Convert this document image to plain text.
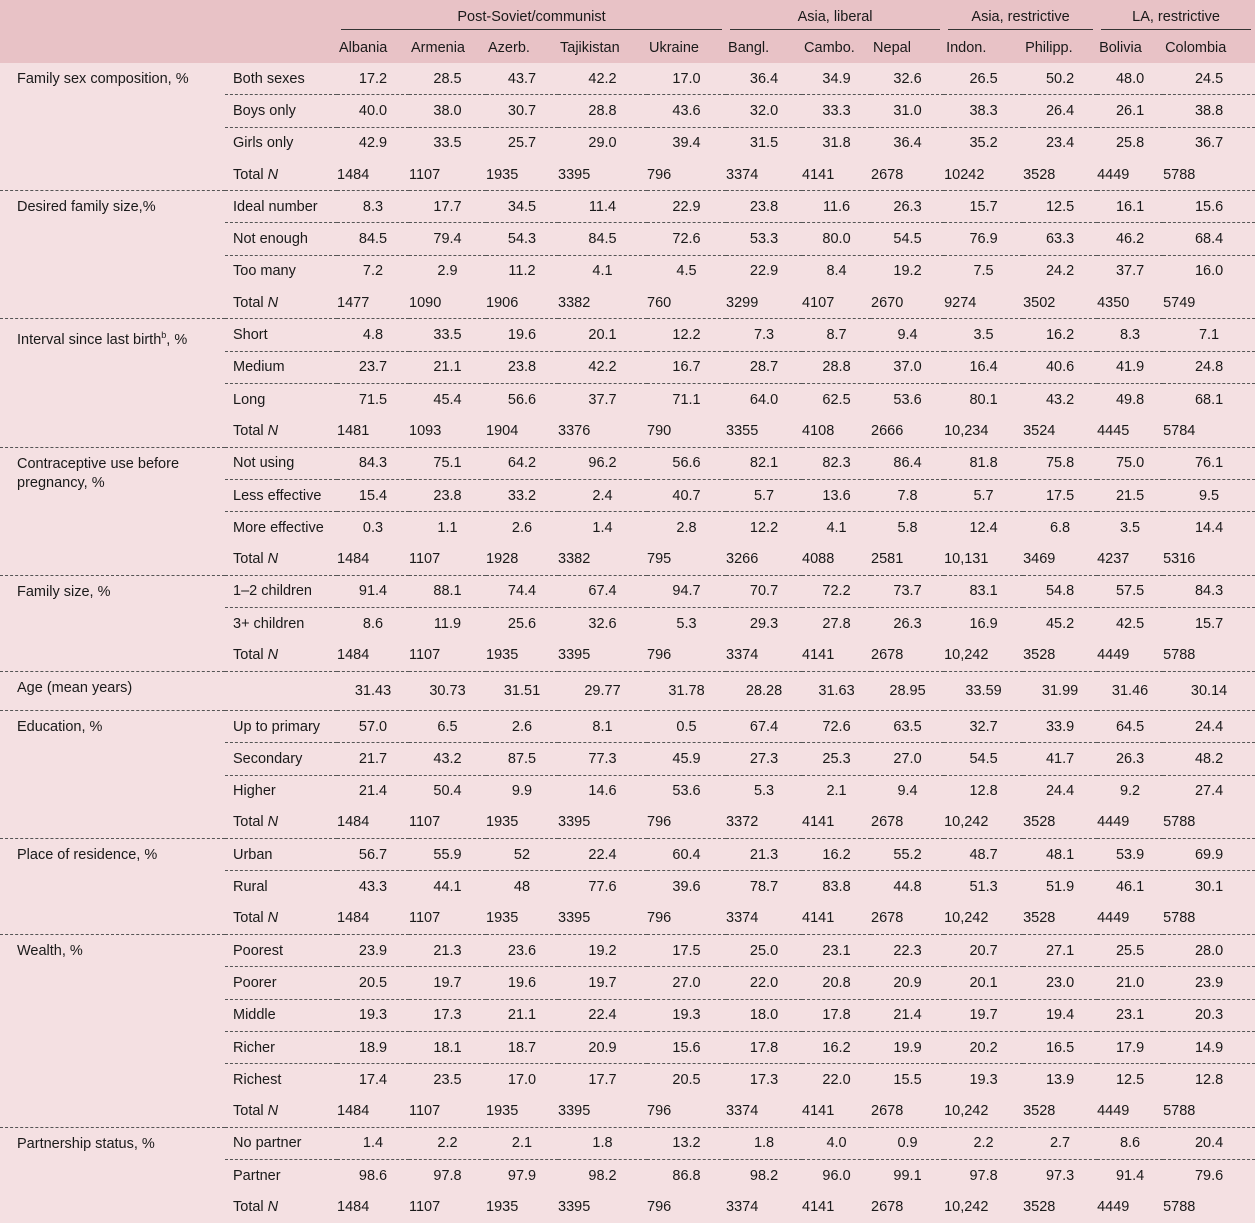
		Post-Soviet/communist					Asia, liberal			Asia, restrictive		LA, restrictive	

		Albania	Armenia	Azerb.	Tajikistan	Ukraine	Bangl.	Cambo.	Nepal	Indon.	Philipp.	Bolivia	Colombia
Family sex composition, %	Both sexes	17.2	28.5	43.7	42.2	17.0	36.4	34.9	32.6	26.5	50.2	48.0	24.5
	Boys only	40.0	38.0	30.7	28.8	43.6	32.0	33.3	31.0	38.3	26.4	26.1	38.8
	Girls only	42.9	33.5	25.7	29.0	39.4	31.5	31.8	36.4	35.2	23.4	25.8	36.7
	Total N	1484	1107	1935	3395	796	3374	4141	2678	10242	3528	4449	5788
Desired family size,%	Ideal number	8.3	17.7	34.5	11.4	22.9	23.8	11.6	26.3	15.7	12.5	16.1	15.6
	Not enough	84.5	79.4	54.3	84.5	72.6	53.3	80.0	54.5	76.9	63.3	46.2	68.4
	Too many	7.2	2.9	11.2	4.1	4.5	22.9	8.4	19.2	7.5	24.2	37.7	16.0
	Total N	1477	1090	1906	3382	760	3299	4107	2670	9274	3502	4350	5749
Interval since last birth$^b$, %	Short	4.8	33.5	19.6	20.1	12.2	7.3	8.7	9.4	3.5	16.2	8.3	7.1
	Medium	23.7	21.1	23.8	42.2	16.7	28.7	28.8	37.0	16.4	40.6	41.9	24.8
	Long	71.5	45.4	56.6	37.7	71.1	64.0	62.5	53.6	80.1	43.2	49.8	68.1
	Total N	1481	1093	1904	3376	790	3355	4108	2666	10,234	3524	4445	5784
Contraceptive use before pregnancy, %	Not using	84.3	75.1	64.2	96.2	56.6	82.1	82.3	86.4	81.8	75.8	75.0	76.1
	Less effective	15.4	23.8	33.2	2.4	40.7	5.7	13.6	7.8	5.7	17.5	21.5	9.5
	More effective	0.3	1.1	2.6	1.4	2.8	12.2	4.1	5.8	12.4	6.8	3.5	14.4
	Total N	1484	1107	1928	3382	795	3266	4088	2581	10,131	3469	4237	5316
Family size, %	1–2 children	91.4	88.1	74.4	67.4	94.7	70.7	72.2	73.7	83.1	54.8	57.5	84.3
	3+ children	8.6	11.9	25.6	32.6	5.3	29.3	27.8	26.3	16.9	45.2	42.5	15.7
	Total N	1484	1107	1935	3395	796	3374	4141	2678	10,242	3528	4449	5788
Age (mean years)		31.43	30.73	31.51	29.77	31.78	28.28	31.63	28.95	33.59	31.99	31.46	30.14
Education, %	Up to primary	57.0	6.5	2.6	8.1	0.5	67.4	72.6	63.5	32.7	33.9	64.5	24.4
	Secondary	21.7	43.2	87.5	77.3	45.9	27.3	25.3	27.0	54.5	41.7	26.3	48.2
	Higher	21.4	50.4	9.9	14.6	53.6	5.3	2.1	9.4	12.8	24.4	9.2	27.4
	Total N	1484	1107	1935	3395	796	3372	4141	2678	10,242	3528	4449	5788
Place of residence, %	Urban	56.7	55.9	52	22.4	60.4	21.3	16.2	55.2	48.7	48.1	53.9	69.9
	Rural	43.3	44.1	48	77.6	39.6	78.7	83.8	44.8	51.3	51.9	46.1	30.1
	Total N	1484	1107	1935	3395	796	3374	4141	2678	10,242	3528	4449	5788
Wealth, %	Poorest	23.9	21.3	23.6	19.2	17.5	25.0	23.1	22.3	20.7	27.1	25.5	28.0
	Poorer	20.5	19.7	19.6	19.7	27.0	22.0	20.8	20.9	20.1	23.0	21.0	23.9
	Middle	19.3	17.3	21.1	22.4	19.3	18.0	17.8	21.4	19.7	19.4	23.1	20.3
	Richer	18.9	18.1	18.7	20.9	15.6	17.8	16.2	19.9	20.2	16.5	17.9	14.9
	Richest	17.4	23.5	17.0	17.7	20.5	17.3	22.0	15.5	19.3	13.9	12.5	12.8
	Total N	1484	1107	1935	3395	796	3374	4141	2678	10,242	3528	4449	5788
Partnership status, %	No partner	1.4	2.2	2.1	1.8	13.2	1.8	4.0	0.9	2.2	2.7	8.6	20.4
	Partner	98.6	97.8	97.9	98.2	86.8	98.2	96.0	99.1	97.8	97.3	91.4	79.6
	Total N	1484	1107	1935	3395	796	3374	4141	2678	10,242	3528	4449	5788
